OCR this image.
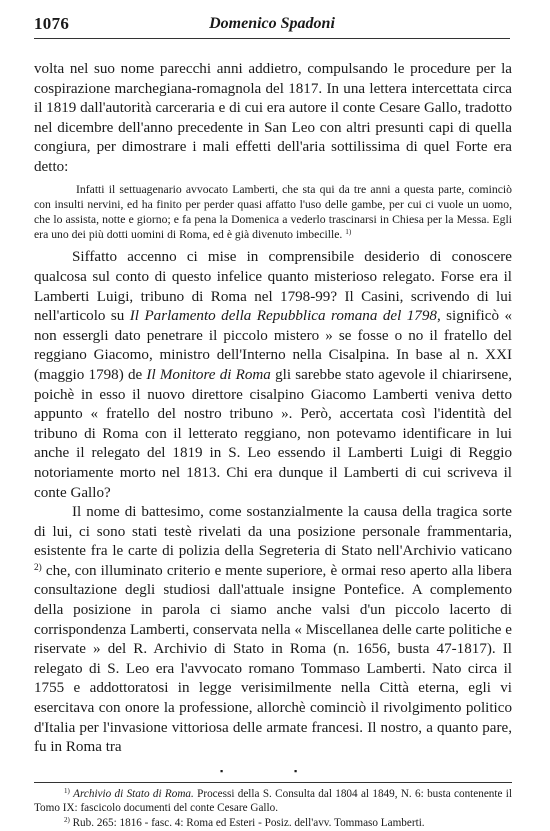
1076	Domenico Spadoni

volta nel suo nome parecchi anni addietro, compulsando le procedure per la cospirazione marchegiana-romagnola del 1817. In una lettera intercettata circa il 1819 dall'autorità carceraria e di cui era autore il conte Cesare Gallo, tradotto nel dicembre dell'anno precedente in San Leo con altri presunti capi di quella congiura, per dimostrare i mali effetti dell'aria sottilissima di quel Forte era detto:

Infatti il settuagenario avvocato Lamberti, che sta qui da tre anni a questa parte, cominciò con insulti nervini, ed ha finito per perder quasi affatto l'uso delle gambe, per cui ci vuole un uomo, che lo assista, notte e giorno; e fa pena la Domenica a vederlo trascinarsi in Chiesa per la Messa. Egli era uno dei più dotti uomini di Roma, ed è già divenuto imbecille. $^{1)}$

Siffatto accenno ci mise in comprensibile desiderio di conoscere qualcosa sul conto di questo infelice quanto misterioso relegato. Forse era il Lamberti Luigi, tribuno di Roma nel 1798-99? Il Casini, scrivendo di lui nell'articolo su Il Parlamento della Repubblica romana del 1798, significò « non essergli dato penetrare il piccolo mistero » se fosse o no il fratello del reggiano Giacomo, ministro dell'Interno nella Cisalpina. In base al n. XXI (maggio 1798) de Il Monitore di Roma gli sarebbe stato agevole il chiarirsene, poichè in esso il nuovo direttore cisalpino Giacomo Lamberti veniva detto appunto « fratello del nostro tribuno ». Però, accertata così l'identità del tribuno di Roma con il letterato reggiano, non potevamo identificare in lui anche il relegato del 1819 in S. Leo essendo il Lamberti Luigi di Reggio notoriamente morto nel 1813. Chi era dunque il Lamberti di cui scriveva il conte Gallo?

Il nome di battesimo, come sostanzialmente la causa della tragica sorte di lui, ci sono stati testè rivelati da una posizione personale frammentaria, esistente fra le carte di polizia della Segreteria di Stato nell'Archivio vaticano $^{2)}$ che, con illuminato criterio e mente superiore, è ormai reso aperto alla libera consultazione degli studiosi dall'attuale insigne Pontefice. A complemento della posizione in parola ci siamo anche valsi d'un piccolo lacerto di corrispondenza Lamberti, conservata nella « Miscellanea delle carte politiche e riservate » del R. Archivio di Stato in Roma (n. 1656, busta 47-1817). Il relegato di S. Leo era l'avvocato romano Tommaso Lamberti. Nato circa il 1755 e addottoratosi in legge verisimilmente nella Città eterna, egli vi esercitava con onore la professione, allorchè cominciò il rivolgimento politico d'Italia per l'invasione vittoriosa delle armate francesi. Il nostro, a quanto pare, fu in Roma tra

▪	▪

$^{1)}$ Archivio di Stato di Roma. Processi della S. Consulta dal 1804 al 1849, N. 6: busta contenente il Tomo IX: fascicolo documenti del conte Cesare Gallo.

$^{2)}$ Rub. 265: 1816 - fasc. 4: Roma ed Esteri - Posiz. dell'avv. Tommaso Lamberti.
